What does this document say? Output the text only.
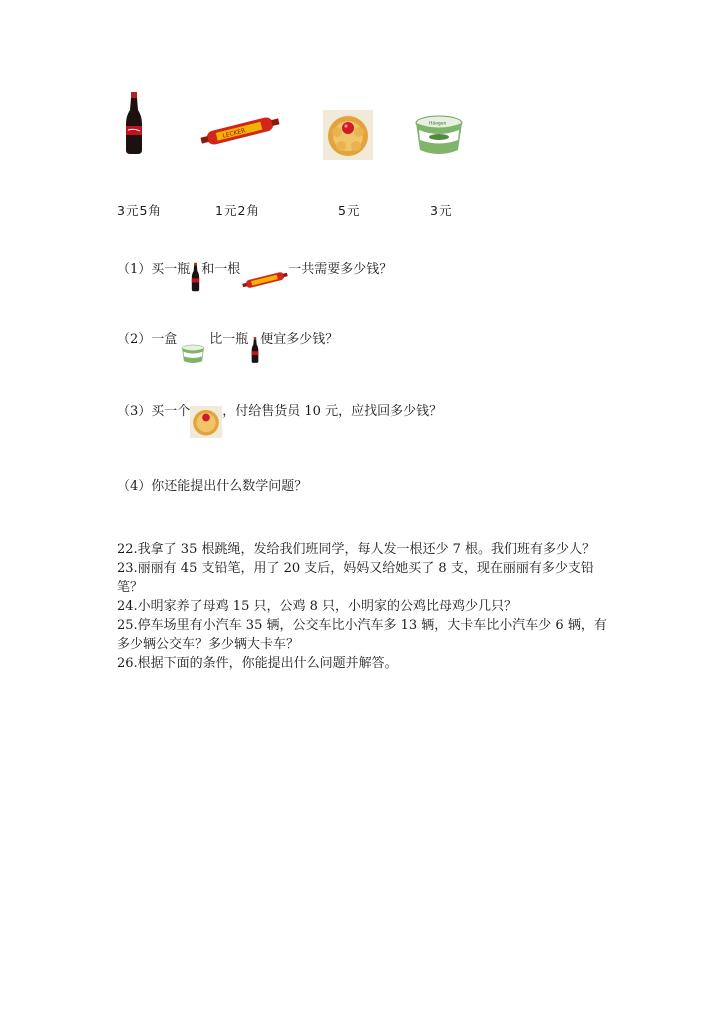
LECKER
Häagen
3元5角	1元2角	5元	3元
（1）买一瓶 和一根	一共需要多少钱？
（2）一盒 比一瓶 便宜多少钱？
（3）买一个 ，付给售货员 10 元，应找回多少钱？
（4）你还能提出什么数学问题？

22.我拿了 35 根跳绳，发给我们班同学，每人发一根还少 7 根。我们班有多少人？

23.丽丽有 45 支铅笔，用了 20 支后，妈妈又给她买了 8 支，现在丽丽有多少支铅笔？

24.小明家养了母鸡 15 只，公鸡 8 只，小明家的公鸡比母鸡少几只？

25.停车场里有小汽车 35 辆，公交车比小汽车多 13 辆，大卡车比小汽车少 6 辆，有多少辆公交车？多少辆大卡车？

26.根据下面的条件，你能提出什么问题并解答。
